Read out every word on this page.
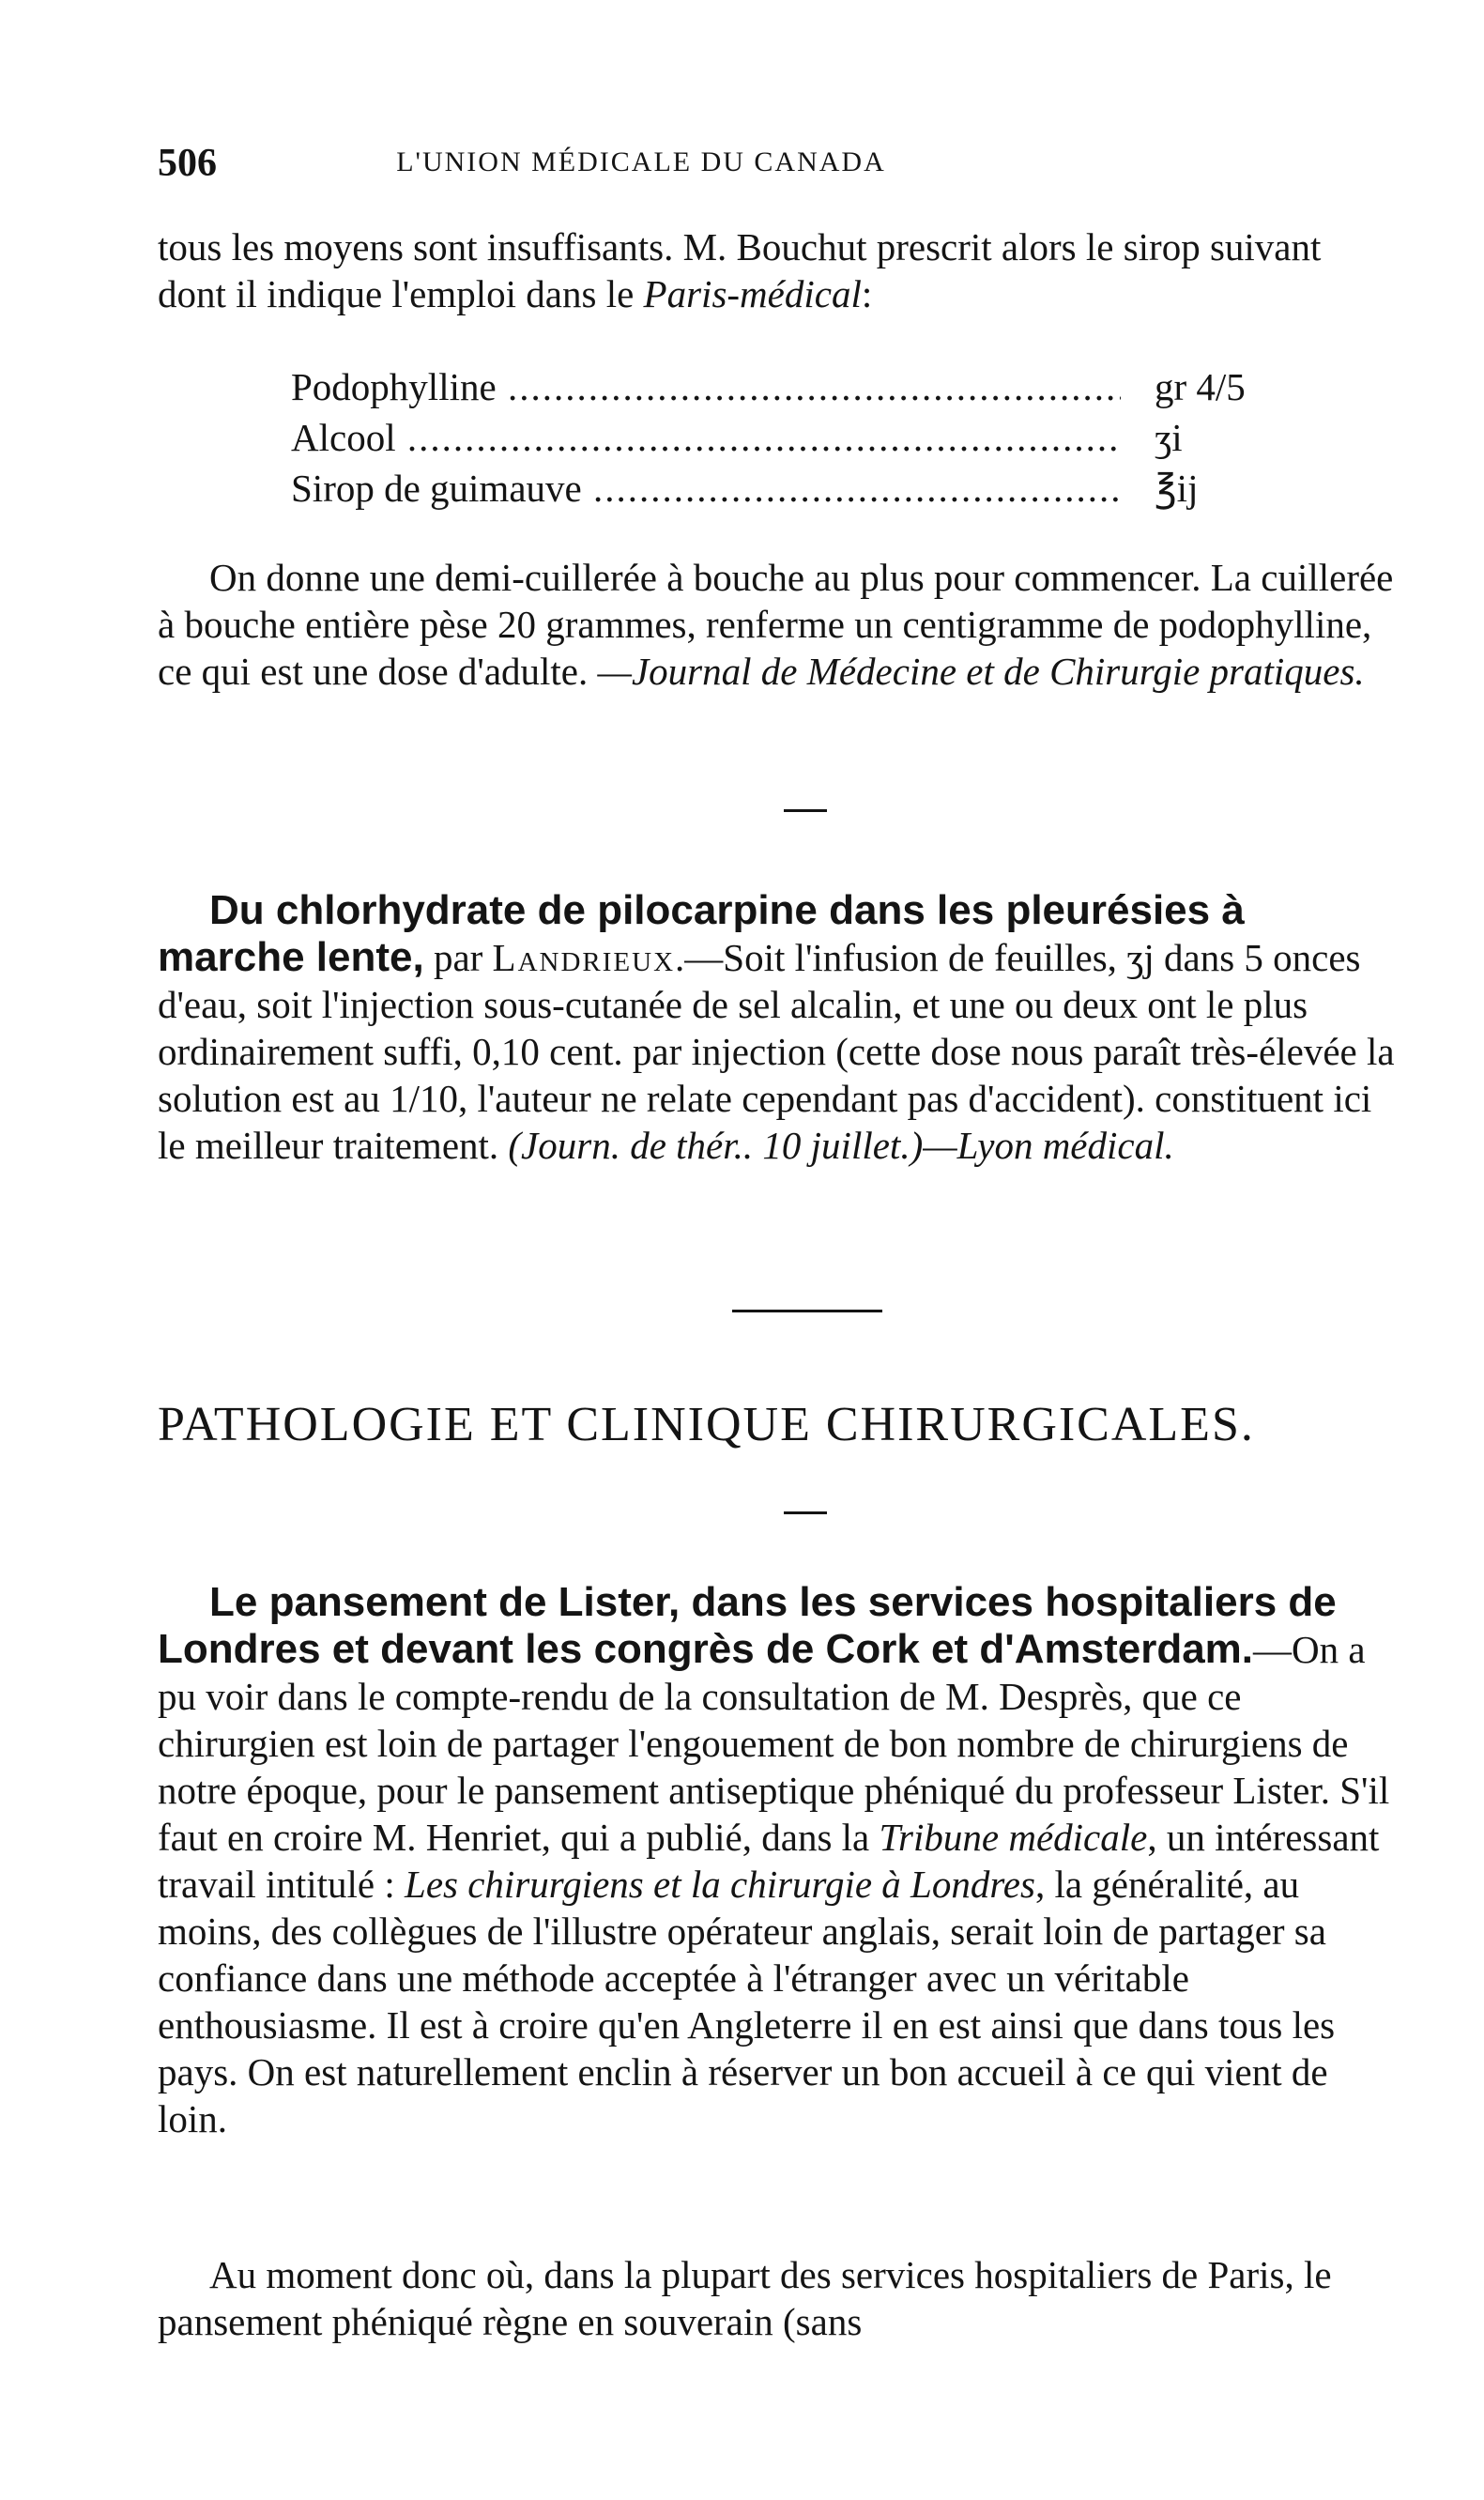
506	L'UNION MÉDICALE DU CANADA

tous les moyens sont insuffisants. M. Bouchut prescrit alors le sirop suivant dont il indique l'emploi dans le Paris-médical:

Podophylline .....	gr 4/5
Alcool .....	ʒi
Sirop de guimauve .....	℥ij

On donne une demi-cuillerée à bouche au plus pour commencer. La cuillerée à bouche entière pèse 20 grammes, renferme un centigramme de podophylline, ce qui est une dose d'adulte. —Journal de Médecine et de Chirurgie pratiques.

Du chlorhydrate de pilocarpine dans les pleurésies à marche lente, par Landrieux.—Soit l'infusion de feuilles, ʒj dans 5 onces d'eau, soit l'injection sous-cutanée de sel alcalin, et une ou deux ont le plus ordinairement suffi, 0,10 cent. par injection (cette dose nous paraît très-élevée la solution est au 1/10, l'auteur ne relate cependant pas d'accident). constituent ici le meilleur traitement. (Journ. de thér.. 10 juillet.)—Lyon médical.

PATHOLOGIE ET CLINIQUE CHIRURGICALES.

Le pansement de Lister, dans les services hospitaliers de Londres et devant les congrès de Cork et d'Amsterdam.—On a pu voir dans le compte-rendu de la consultation de M. Desprès, que ce chirurgien est loin de partager l'engouement de bon nombre de chirurgiens de notre époque, pour le pansement antiseptique phéniqué du professeur Lister. S'il faut en croire M. Henriet, qui a publié, dans la Tribune médicale, un intéressant travail intitulé : Les chirurgiens et la chirurgie à Londres, la généralité, au moins, des collègues de l'illustre opérateur anglais, serait loin de partager sa confiance dans une méthode acceptée à l'étranger avec un véritable enthousiasme. Il est à croire qu'en Angleterre il en est ainsi que dans tous les pays. On est naturellement enclin à réserver un bon accueil à ce qui vient de loin.

Au moment donc où, dans la plupart des services hospitaliers de Paris, le pansement phéniqué règne en souverain (sans
